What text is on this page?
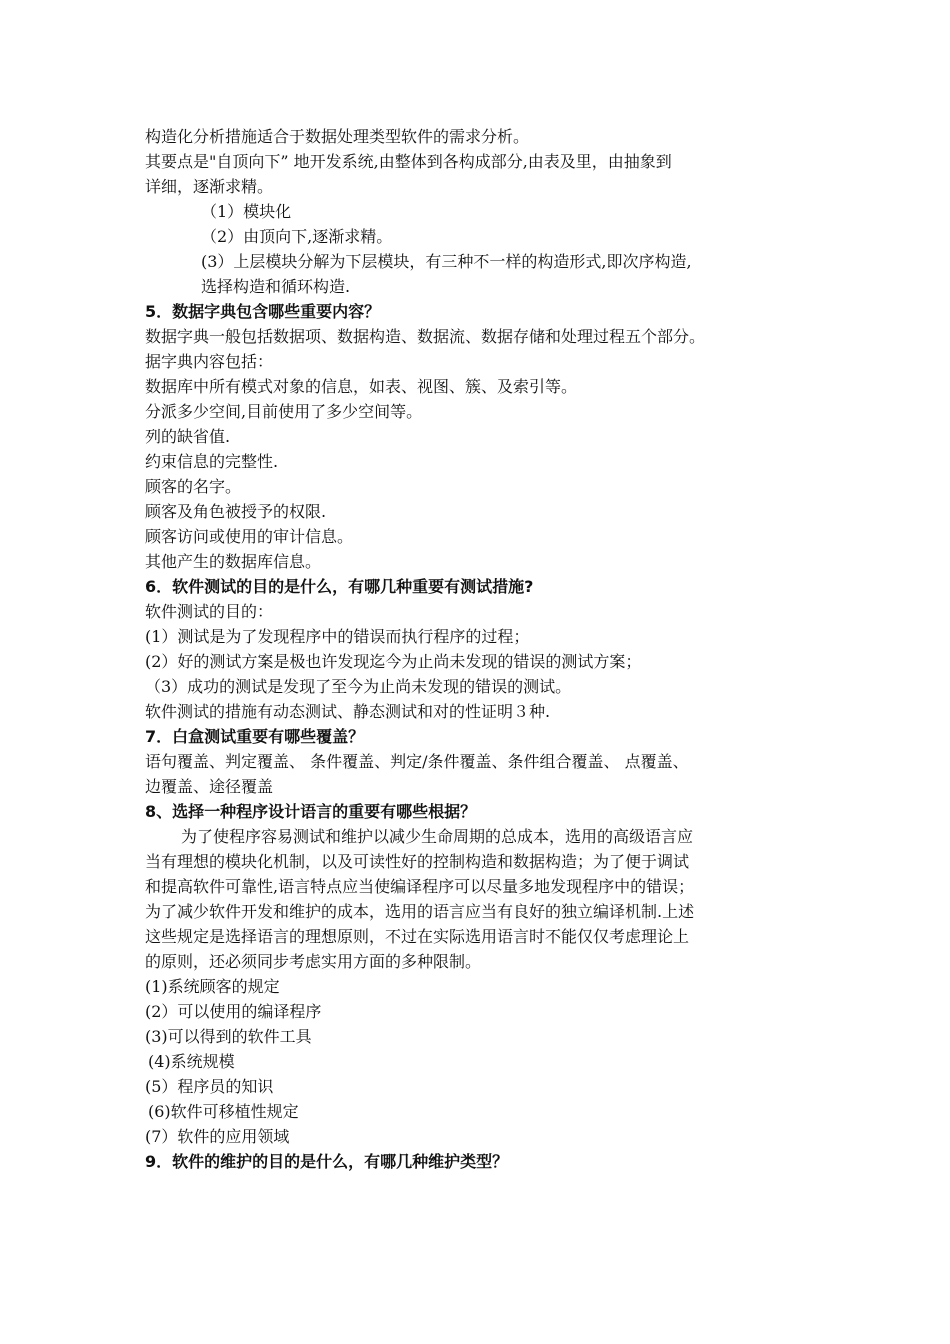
构造化分析措施适合于数据处理类型软件的需求分析。
其要点是"自顶向下” 地开发系统,由整体到各构成部分,由表及里，由抽象到
详细，逐渐求精。
（1）模块化
（2）由顶向下,逐渐求精。
(3）上层模块分解为下层模块，有三种不一样的构造形式,即次序构造,
选择构造和循环构造.
5．数据字典包含哪些重要内容？
数据字典一般包括数据项、数据构造、数据流、数据存储和处理过程五个部分。
据字典内容包括：
数据库中所有模式对象的信息，如表、视图、簇、及索引等。
分派多少空间,目前使用了多少空间等。
列的缺省值.
约束信息的完整性.
顾客的名字。
顾客及角色被授予的权限.
顾客访问或使用的审计信息。
其他产生的数据库信息。
6．软件测试的目的是什么，有哪几种重要有测试措施?
软件测试的目的：
(1）测试是为了发现程序中的错误而执行程序的过程；
(2）好的测试方案是极也许发现迄今为止尚未发现的错误的测试方案；
（3）成功的测试是发现了至今为止尚未发现的错误的测试。
软件测试的措施有动态测试、静态测试和对的性证明３种.
7．白盒测试重要有哪些覆盖？
语句覆盖、判定覆盖、 条件覆盖、判定/条件覆盖、条件组合覆盖、 点覆盖、
边覆盖、途径覆盖
8、选择一种程序设计语言的重要有哪些根据？
为了使程序容易测试和维护以减少生命周期的总成本，选用的高级语言应
当有理想的模块化机制，以及可读性好的控制构造和数据构造；为了便于调试
和提高软件可靠性,语言特点应当使编译程序可以尽量多地发现程序中的错误；
为了减少软件开发和维护的成本，选用的语言应当有良好的独立编译机制.上述
这些规定是选择语言的理想原则，不过在实际选用语言时不能仅仅考虑理论上
的原则，还必须同步考虑实用方面的多种限制。
(1)系统顾客的规定
(2）可以使用的编译程序
(3)可以得到的软件工具
(4)系统规模
(5）程序员的知识
(6)软件可移植性规定
(7）软件的应用领域
9．软件的维护的目的是什么，有哪几种维护类型？
